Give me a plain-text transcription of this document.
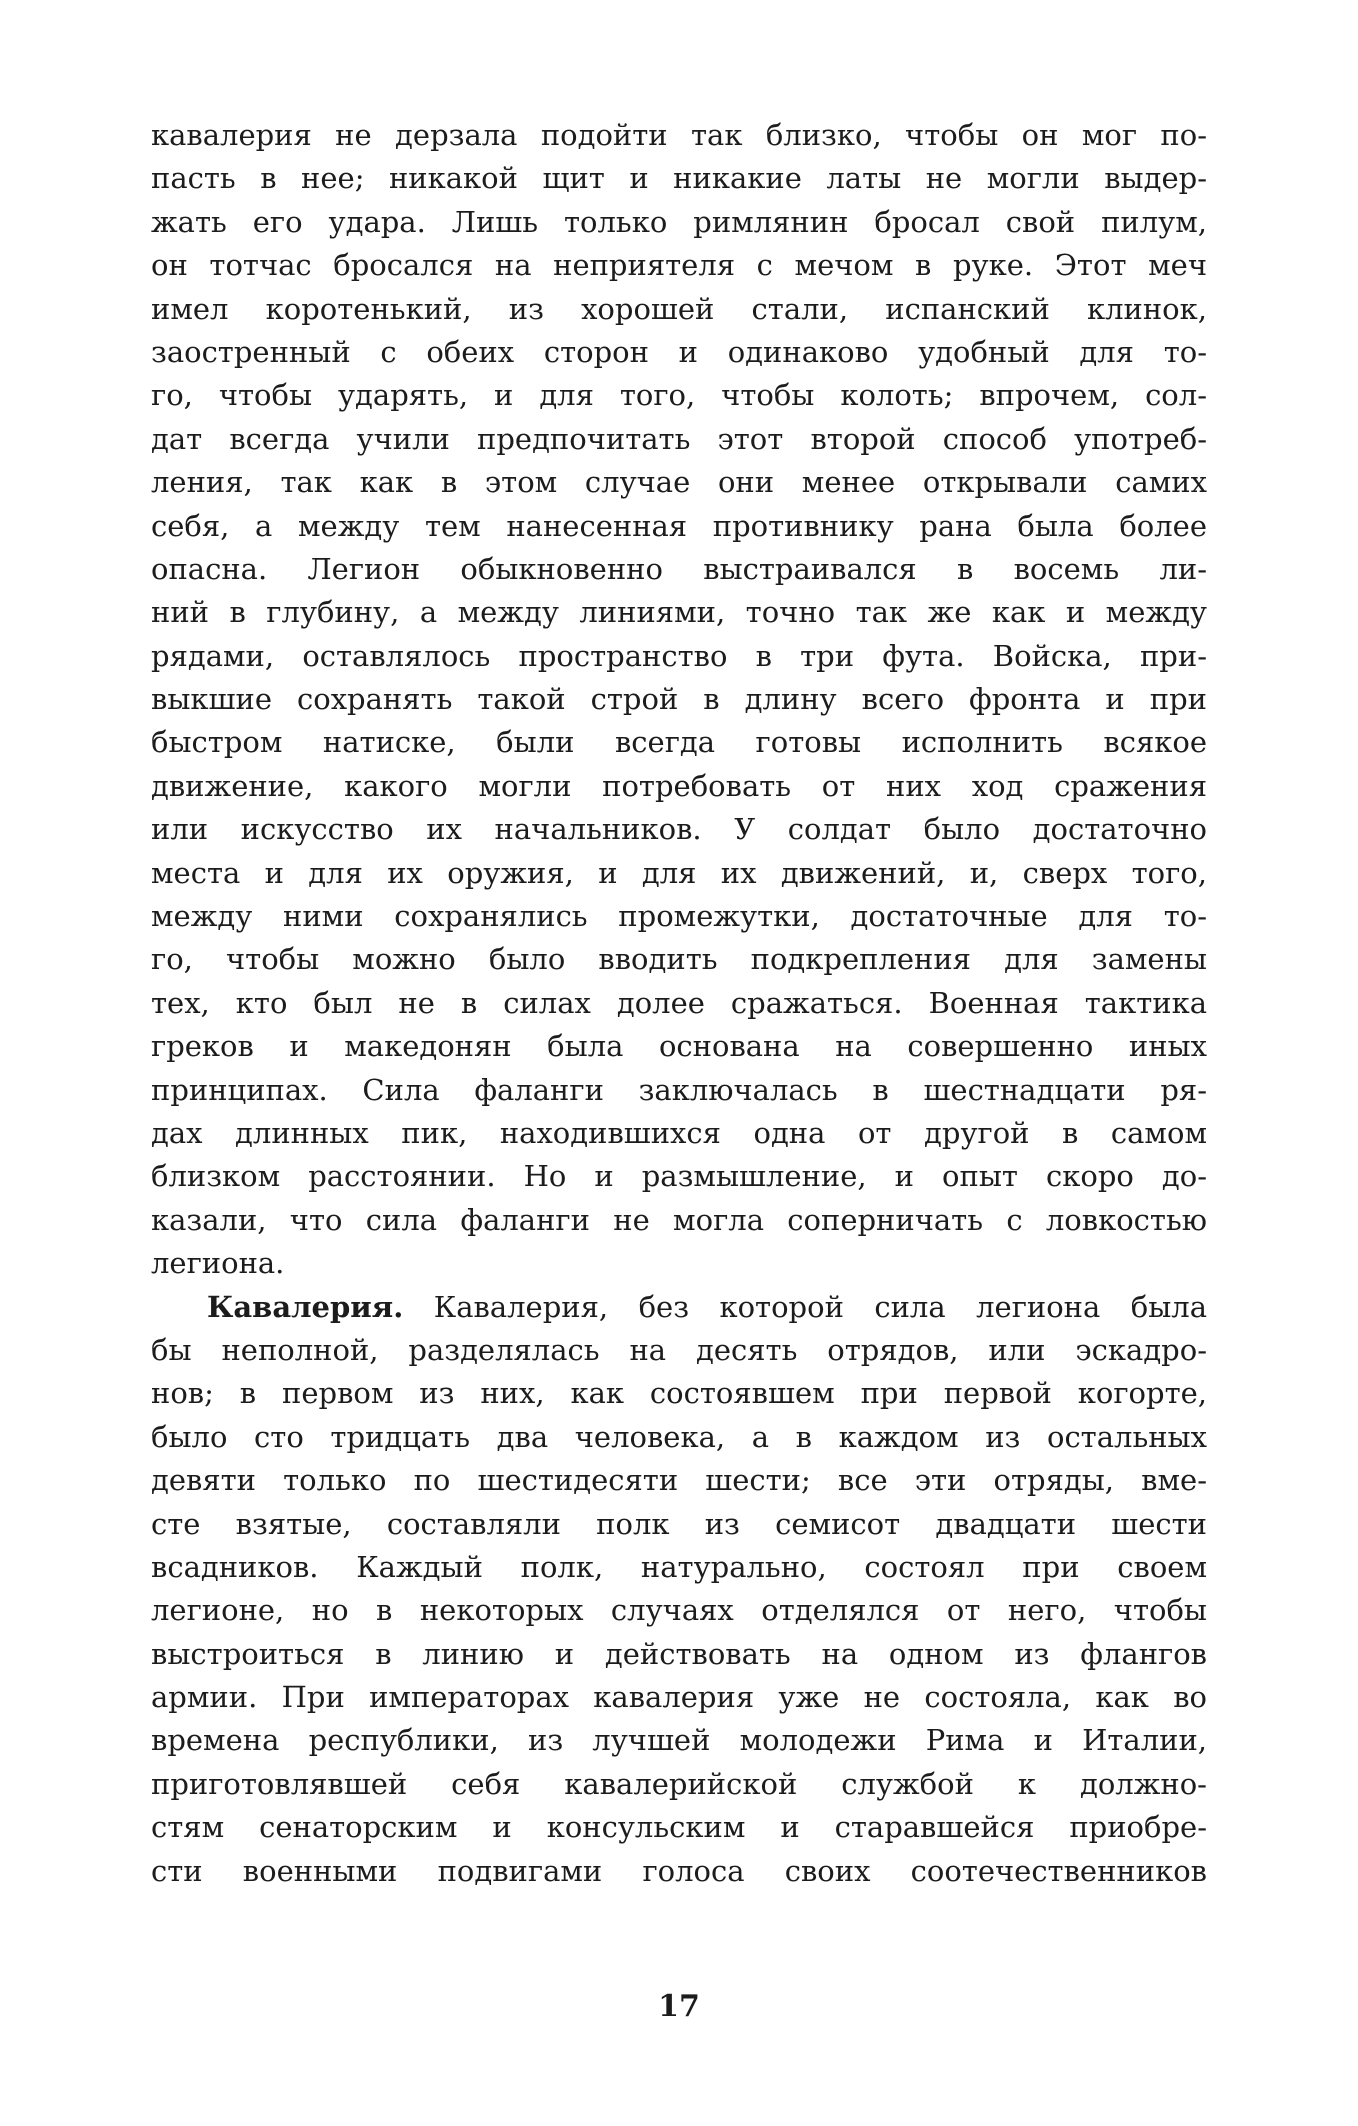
кавалерия не дерзала подойти так близко, чтобы он мог по-
пасть в нее; никакой щит и никакие латы не могли выдер-
жать его удара. Лишь только римлянин бросал свой пилум,
он тотчас бросался на неприятеля с мечом в руке. Этот меч
имел коротенький, из хорошей стали, испанский клинок,
заостренный с обеих сторон и одинаково удобный для то-
го, чтобы ударять, и для того, чтобы колоть; впрочем, сол-
дат всегда учили предпочитать этот второй способ употреб-
ления, так как в этом случае они менее открывали самих
себя, а между тем нанесенная противнику рана была более
опасна. Легион обыкновенно выстраивался в восемь ли-
ний в глубину, а между линиями, точно так же как и между
рядами, оставлялось пространство в три фута. Войска, при-
выкшие сохранять такой строй в длину всего фронта и при
быстром натиске, были всегда готовы исполнить всякое
движение, какого могли потребовать от них ход сражения
или искусство их начальников. У солдат было достаточно
места и для их оружия, и для их движений, и, сверх того,
между ними сохранялись промежутки, достаточные для то-
го, чтобы можно было вводить подкрепления для замены
тех, кто был не в силах долее сражаться. Военная тактика
греков и македонян была основана на совершенно иных
принципах. Сила фаланги заключалась в шестнадцати ря-
дах длинных пик, находившихся одна от другой в самом
близком расстоянии. Но и размышление, и опыт скоро до-
казали, что сила фаланги не могла соперничать с ловкостью
легиона.
Кавалерия. Кавалерия, без которой сила легиона была
бы неполной, разделялась на десять отрядов, или эскадро-
нов; в первом из них, как состоявшем при первой когорте,
было сто тридцать два человека, а в каждом из остальных
девяти только по шестидесяти шести; все эти отряды, вме-
сте взятые, составляли полк из семисот двадцати шести
всадников. Каждый полк, натурально, состоял при своем
легионе, но в некоторых случаях отделялся от него, чтобы
выстроиться в линию и действовать на одном из флангов
армии. При императорах кавалерия уже не состояла, как во
времена республики, из лучшей молодежи Рима и Италии,
приготовлявшей себя кавалерийской службой к должно-
стям сенаторским и консульским и старавшейся приобре-
сти военными подвигами голоса своих соотечественников
17
